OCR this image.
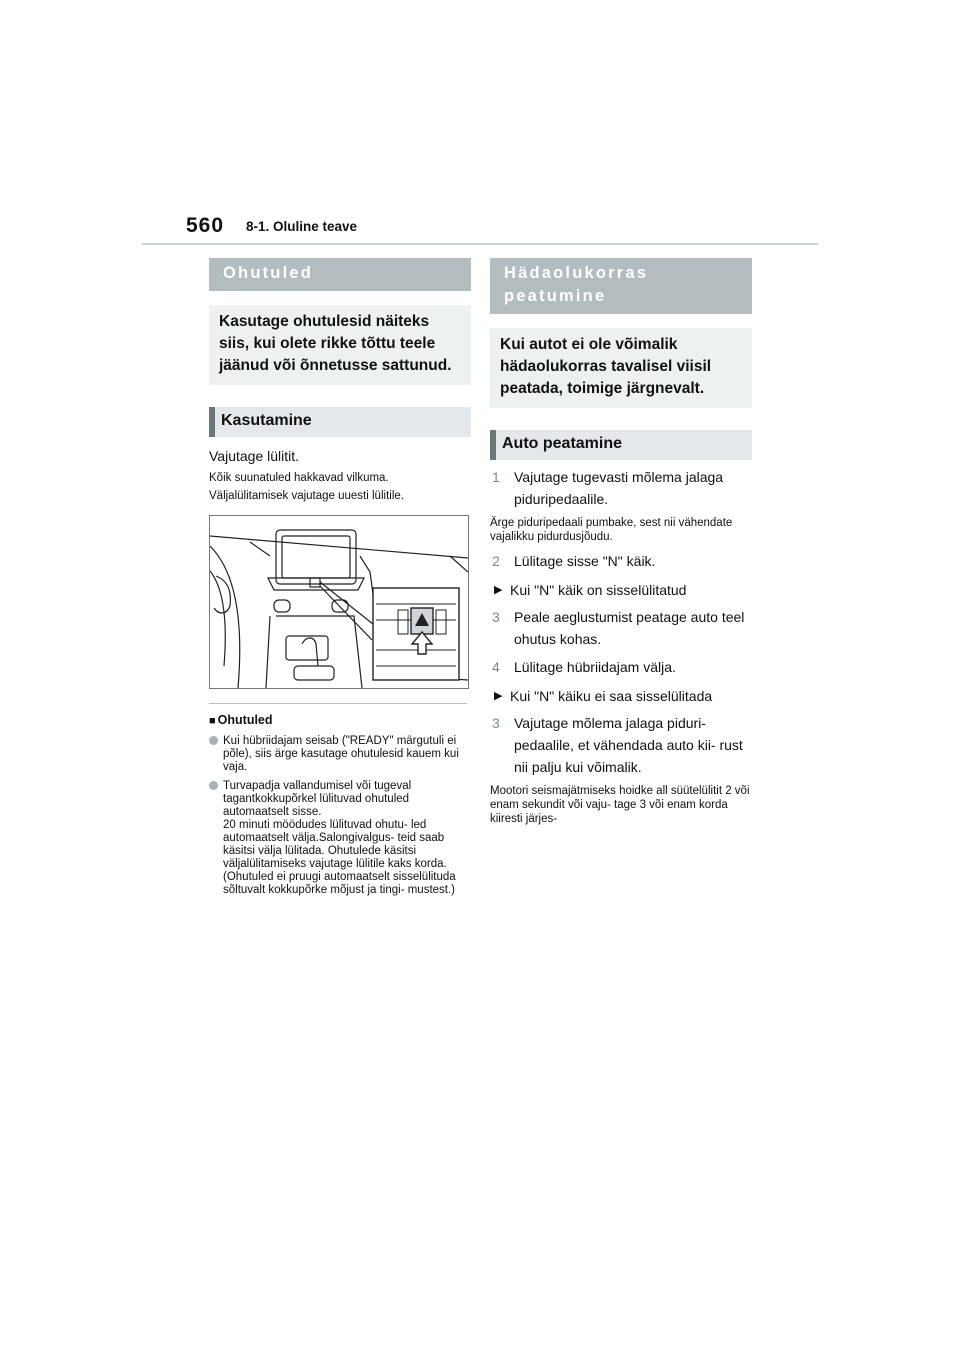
560 8-1. Oluline teave
Ohutuled
Kasutage ohutulesid näiteks siis, kui olete rikke tõttu teele jäänud või õnnetusse sattunud.
Kasutamine
Vajutage lülitit.
Kõik suunatuled hakkavad vilkuma.
Väljalülitamisek vajutage uuesti lülitile.
■ Ohutuled
Kui hübriidajam seisab ("READY" märgutuli ei põle), siis ärge kasutage ohutulesid kauem kui vaja.
Turvapadja vallandumisel või tugeval tagantkokkupõrkel lülituvad ohutuled automaatselt sisse.
20 minuti möödudes lülituvad ohutu- led automaatselt välja.Salongivalgus- teid saab käsitsi välja lülitada. Ohutulede käsitsi väljalülitamiseks vajutage lülitile kaks korda. (Ohutuled ei pruugi automaatselt sisselülituda sõltuvalt kokkupõrke mõjust ja tingi- mustest.)
Hädaolukorras peatumine
Kui autot ei ole võimalik hädaolukorras tavalisel viisil peatada, toimige järgnevalt.
Auto peatamine
1 Vajutage tugevasti mõlema jalaga piduripedaalile.
Ärge piduripedaali pumbake, sest nii vähendate vajalikku pidurdusjõudu.
2 Lülitage sisse "N" käik.
▶ Kui "N" käik on sisselülitatud
3 Peale aeglustumist peatage auto teel ohutus kohas.
4 Lülitage hübriidajam välja.
▶ Kui "N" käiku ei saa sisselülitada
3 Vajutage mõlema jalaga piduri- pedaalile, et vähendada auto kii- rust nii palju kui võimalik.
Mootori seismajätmiseks hoidke all süütelülitit 2 või enam sekundit või vaju- tage 3 või enam korda kiiresti järjes-
